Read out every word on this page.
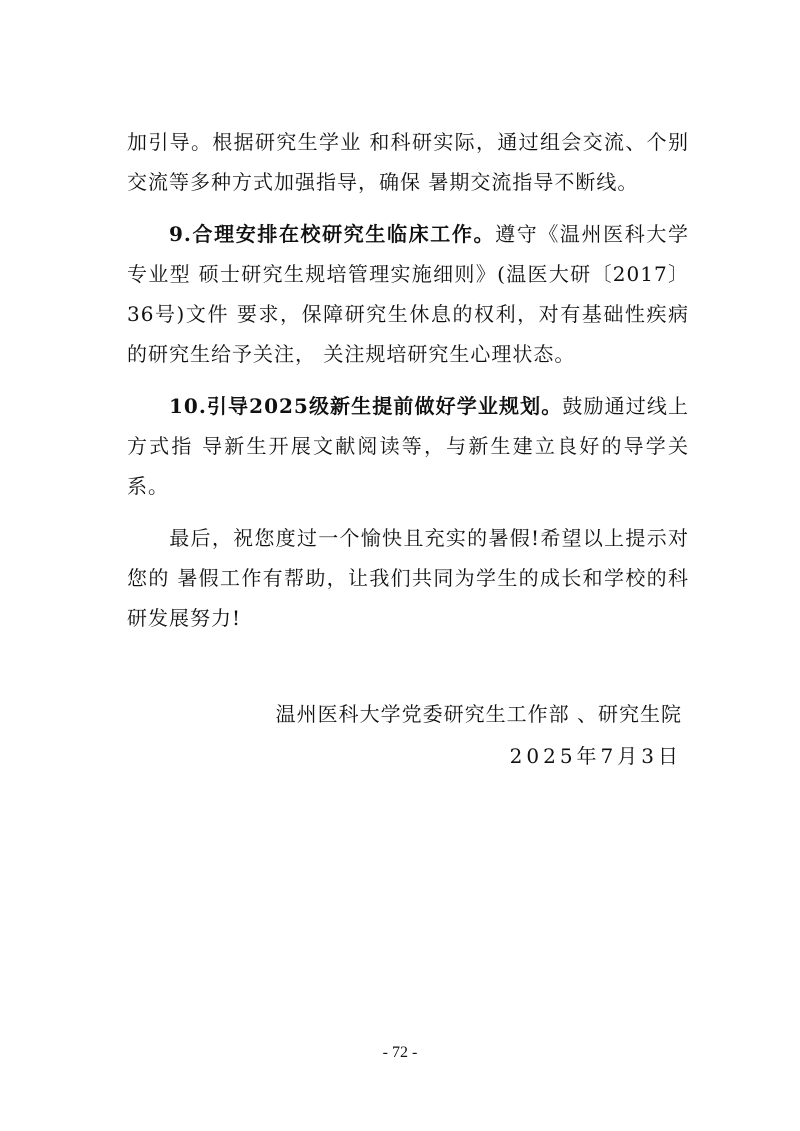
加引导。根据研究生学业 和科研实际，通过组会交流、个别交流等多种方式加强指导，确保 暑期交流指导不断线。

9.合理安排在校研究生临床工作。遵守《温州医科大学专业型 硕士研究生规培管理实施细则》(温医大研〔2017〕36号)文件 要求，保障研究生休息的权利，对有基础性疾病的研究生给予关注， 关注规培研究生心理状态。

10.引导2025级新生提前做好学业规划。鼓励通过线上方式指 导新生开展文献阅读等，与新生建立良好的导学关系。

最后，祝您度过一个愉快且充实的暑假!希望以上提示对您的 暑假工作有帮助，让我们共同为学生的成长和学校的科研发展努力!

温州医科大学党委研究生工作部 、研究生院
2025年7月3日
- 72 -
